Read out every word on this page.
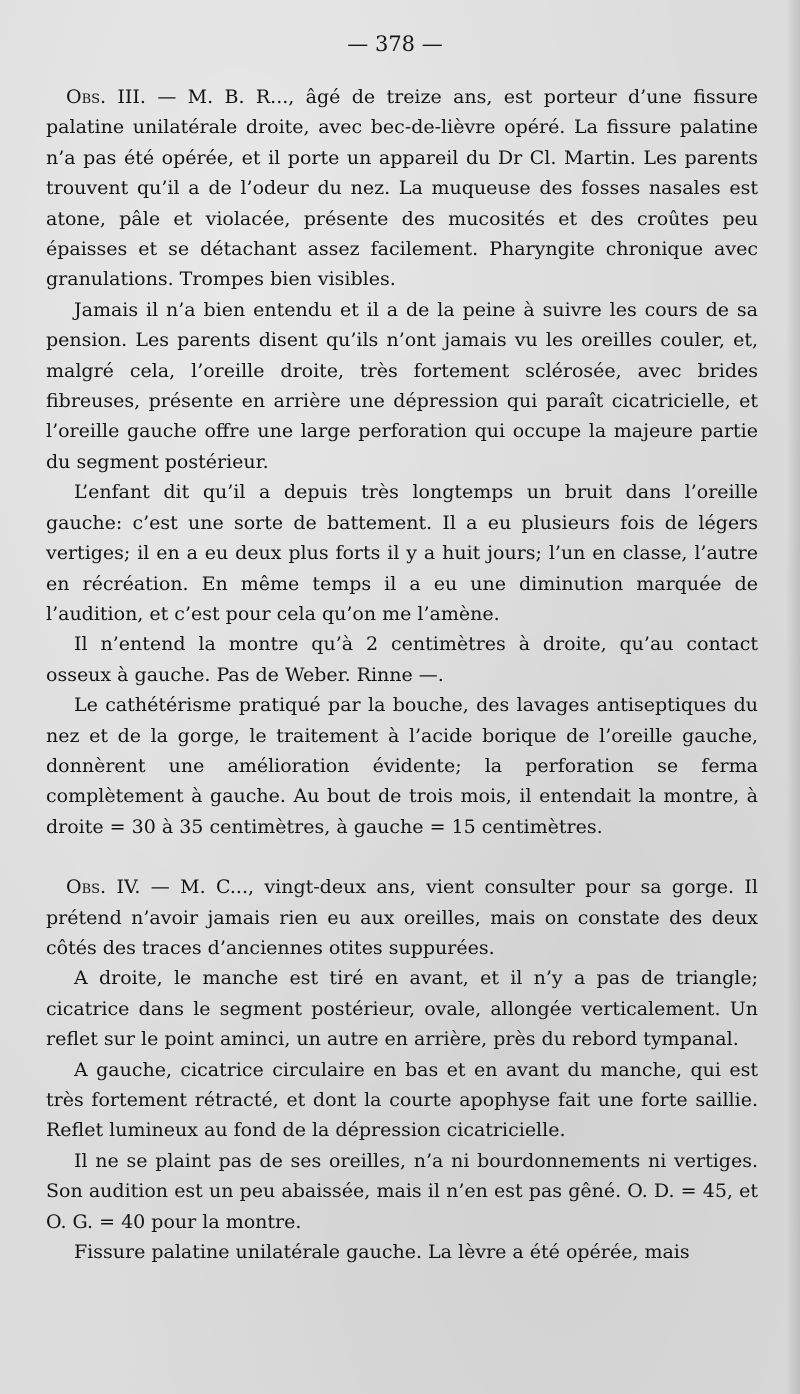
— 378 —

Obs. III. — M. B. R..., âgé de treize ans, est porteur d’une fissure palatine unilatérale droite, avec bec-de-lièvre opéré. La fissure palatine n’a pas été opérée, et il porte un appareil du Dr Cl. Martin. Les parents trouvent qu’il a de l’odeur du nez. La muqueuse des fosses nasales est atone, pâle et violacée, présente des mucosités et des croûtes peu épaisses et se détachant assez facilement. Pharyngite chronique avec granulations. Trompes bien visibles.

Jamais il n’a bien entendu et il a de la peine à suivre les cours de sa pension. Les parents disent qu’ils n’ont jamais vu les oreilles couler, et, malgré cela, l’oreille droite, très fortement sclérosée, avec brides fibreuses, présente en arrière une dépression qui paraît cicatricielle, et l’oreille gauche offre une large perforation qui occupe la majeure partie du segment postérieur.

L’enfant dit qu’il a depuis très longtemps un bruit dans l’oreille gauche: c’est une sorte de battement. Il a eu plusieurs fois de légers vertiges; il en a eu deux plus forts il y a huit jours; l’un en classe, l’autre en récréation. En même temps il a eu une diminution marquée de l’audition, et c’est pour cela qu’on me l’amène.

Il n’entend la montre qu’à 2 centimètres à droite, qu’au contact osseux à gauche. Pas de Weber. Rinne —.

Le cathétérisme pratiqué par la bouche, des lavages antiseptiques du nez et de la gorge, le traitement à l’acide borique de l’oreille gauche, donnèrent une amélioration évidente; la perforation se ferma complètement à gauche. Au bout de trois mois, il entendait la montre, à droite = 30 à 35 centimètres, à gauche = 15 centimètres.

Obs. IV. — M. C..., vingt-deux ans, vient consulter pour sa gorge. Il prétend n’avoir jamais rien eu aux oreilles, mais on constate des deux côtés des traces d’anciennes otites suppurées.

A droite, le manche est tiré en avant, et il n’y a pas de triangle; cicatrice dans le segment postérieur, ovale, allongée verticalement. Un reflet sur le point aminci, un autre en arrière, près du rebord tympanal.

A gauche, cicatrice circulaire en bas et en avant du manche, qui est très fortement rétracté, et dont la courte apophyse fait une forte saillie. Reflet lumineux au fond de la dépression cicatricielle.

Il ne se plaint pas de ses oreilles, n’a ni bourdonnements ni vertiges. Son audition est un peu abaissée, mais il n’en est pas gêné. O. D. = 45, et O. G. = 40 pour la montre.

Fissure palatine unilatérale gauche. La lèvre a été opérée, mais
